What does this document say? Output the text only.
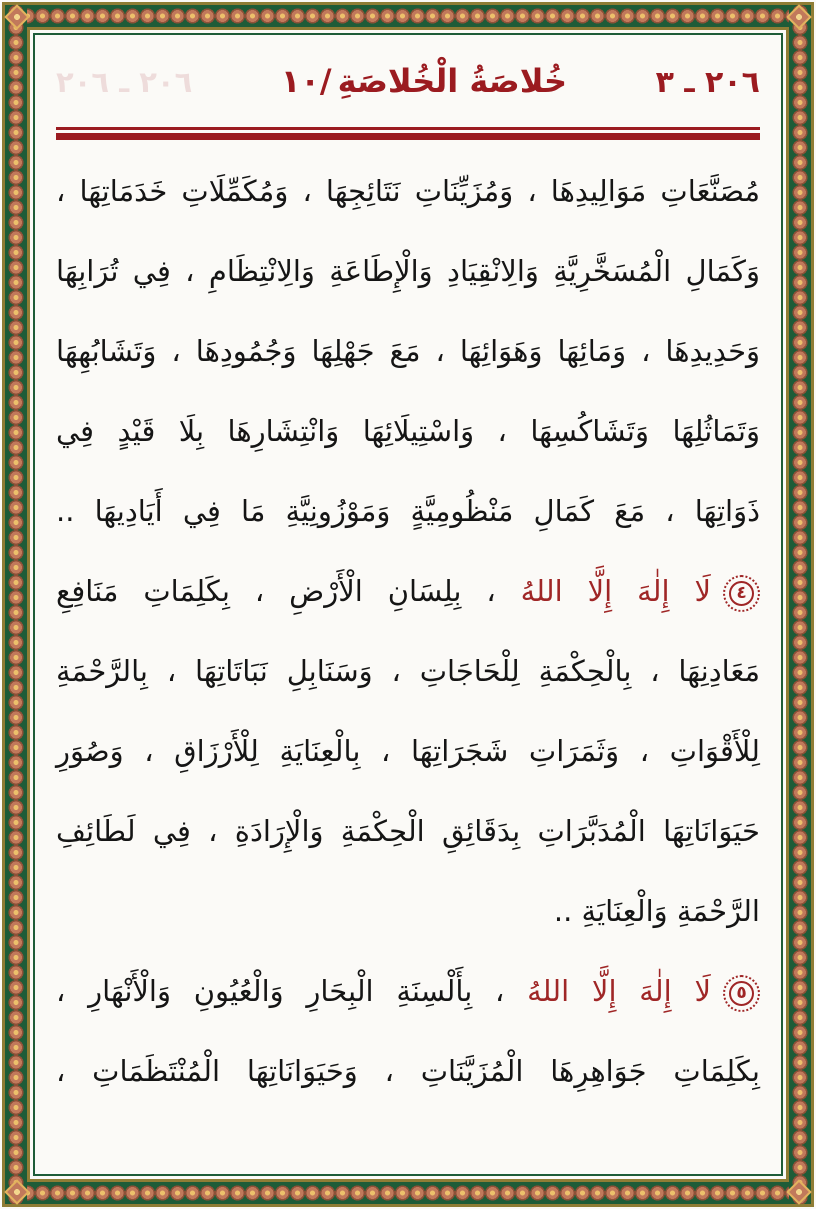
٢٠٦ ـ ٢٠٦	١٠/ خُلاصَةُ الْخُلاصَةِ	٢٠٦ ـ ٣
مُصَنَّعَاتِ مَوَالِيدِهَا ، وَمُزَيِّنَاتِ نَتَائِجِهَا ، وَمُكَمِّلَاتِ خَدَمَاتِهَا ،
وَكَمَالِ الْمُسَخَّرِيَّةِ وَالِانْقِيَادِ وَالْإِطَاعَةِ وَالِانْتِظَامِ ، فِي تُرَابِهَا
وَحَدِيدِهَا ، وَمَائِهَا وَهَوَائِهَا ، مَعَ جَهْلِهَا وَجُمُودِهَا ، وَتَشَابُهِهَا
وَتَمَاثُلِهَا وَتَشَاكُسِهَا ، وَاسْتِيلَائِهَا وَانْتِشَارِهَا بِلَا قَيْدٍ فِي
ذَوَاتِهَا ، مَعَ كَمَالِ مَنْظُومِيَّةٍ وَمَوْزُونِيَّةِ مَا فِي أَيَادِيهَا ..
٤
لَا إِلٰهَ إِلَّا اللهُ ، بِلِسَانِ الْأَرْضِ ، بِكَلِمَاتِ مَنَافِعِ
مَعَادِنِهَا ، بِالْحِكْمَةِ لِلْحَاجَاتِ ، وَسَنَابِلِ نَبَاتَاتِهَا ، بِالرَّحْمَةِ
لِلْأَقْوَاتِ ، وَثَمَرَاتِ شَجَرَاتِهَا ، بِالْعِنَايَةِ لِلْأَرْزَاقِ ، وَصُوَرِ
حَيَوَانَاتِهَا الْمُدَبَّرَاتِ بِدَقَائِقِ الْحِكْمَةِ وَالْإِرَادَةِ ، فِي لَطَائِفِ
الرَّحْمَةِ وَالْعِنَايَةِ ..
٥
لَا إِلٰهَ إِلَّا اللهُ ، بِأَلْسِنَةِ الْبِحَارِ وَالْعُيُونِ وَالْأَنْهَارِ ،
بِكَلِمَاتِ جَوَاهِرِهَا الْمُزَيَّنَاتِ ، وَحَيَوَانَاتِهَا الْمُنْتَظَمَاتِ ،
